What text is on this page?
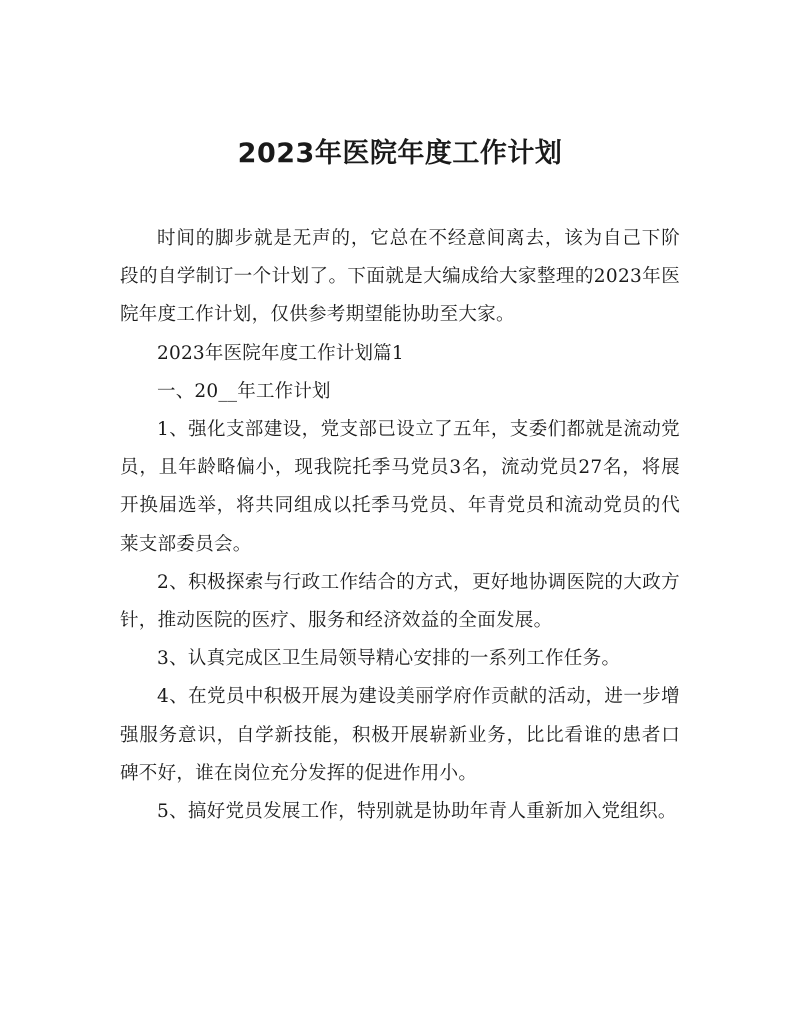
2023年医院年度工作计划

时间的脚步就是无声的，它总在不经意间离去，该为自己下阶段的自学制订一个计划了。下面就是大编成给大家整理的2023年医院年度工作计划，仅供参考期望能协助至大家。

2023年医院年度工作计划篇1

一、20__年工作计划

1、强化支部建设，党支部已设立了五年，支委们都就是流动党员，且年龄略偏小，现我院托季马党员3名，流动党员27名，将展开换届选举，将共同组成以托季马党员、年青党员和流动党员的代莱支部委员会。

2、积极探索与行政工作结合的方式，更好地协调医院的大政方针，推动医院的医疗、服务和经济效益的全面发展。

3、认真完成区卫生局领导精心安排的一系列工作任务。

4、在党员中积极开展为建设美丽学府作贡献的活动，进一步增强服务意识，自学新技能，积极开展崭新业务，比比看谁的患者口碑不好，谁在岗位充分发挥的促进作用小。

5、搞好党员发展工作，特别就是协助年青人重新加入党组织。
